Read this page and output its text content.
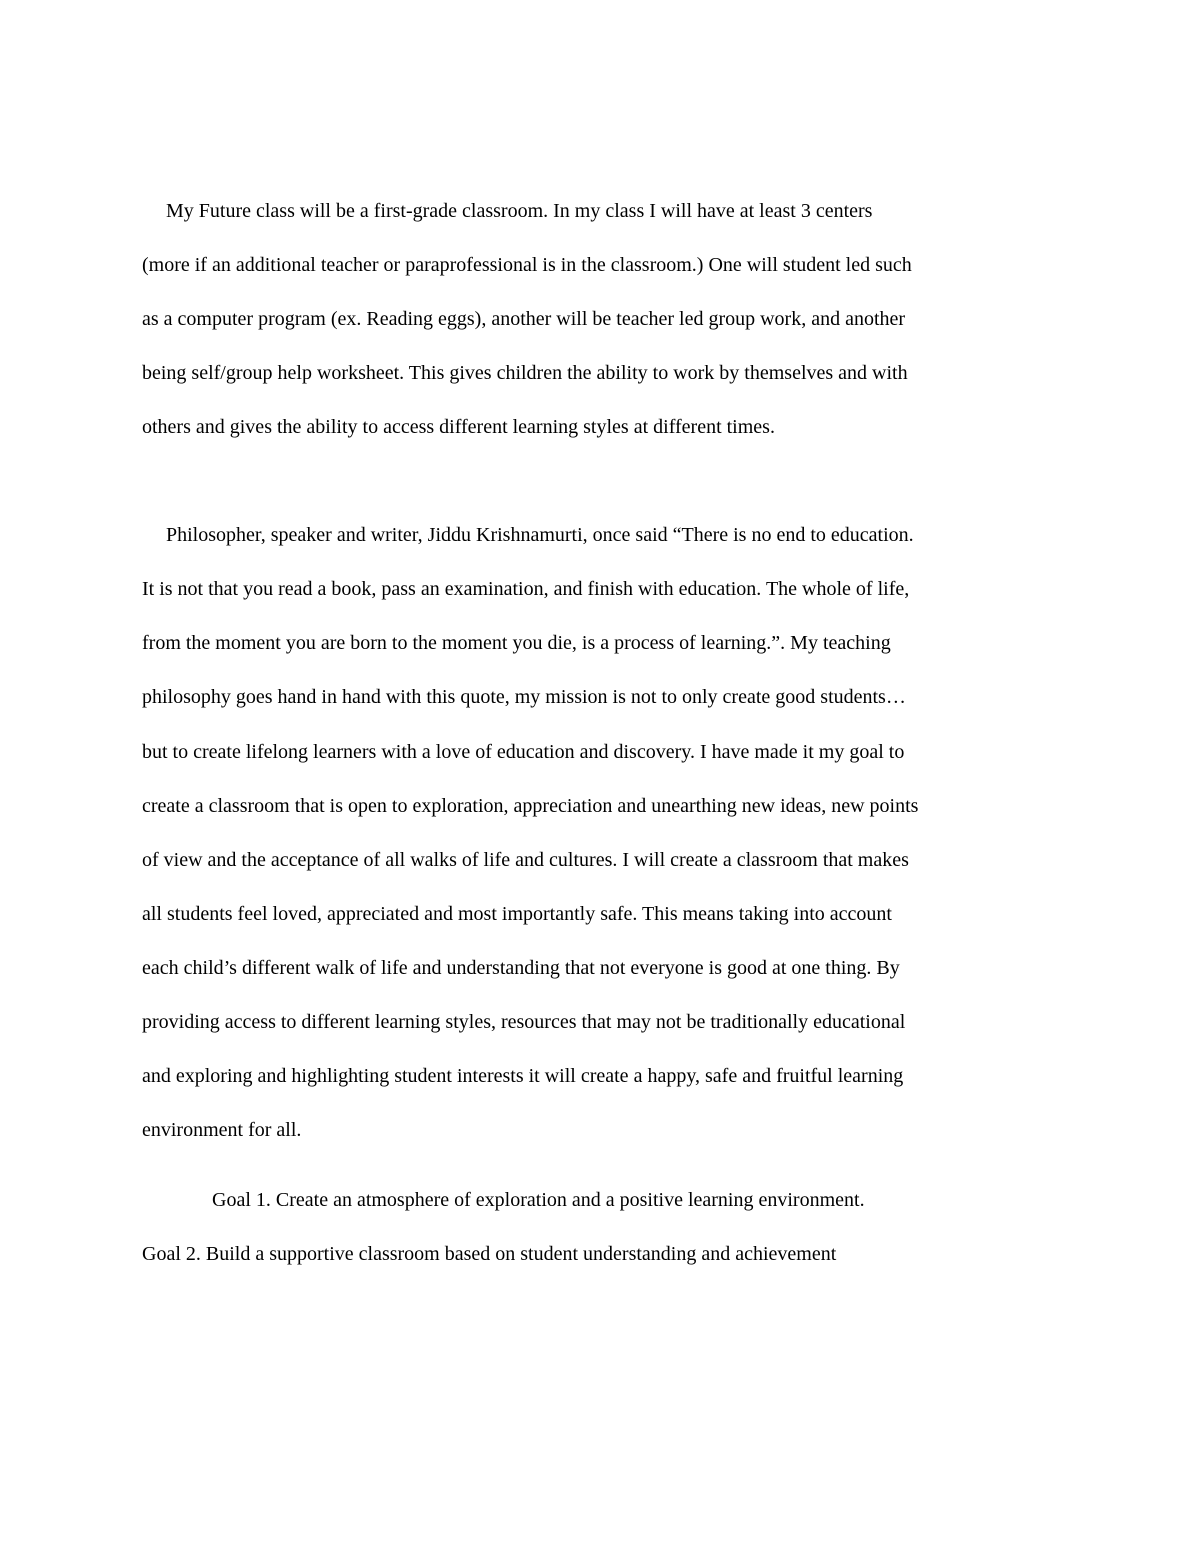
My Future class will be a first-grade classroom. In my class I will have at least 3 centers

(more if an additional teacher or paraprofessional is in the classroom.) One will student led such

as a computer program (ex. Reading eggs), another will be teacher led group work, and another

being self/group help worksheet. This gives children the ability to work by themselves and with

others and gives the ability to access different learning styles at different times.

Philosopher, speaker and writer, Jiddu Krishnamurti, once said “There is no end to education.

It is not that you read a book, pass an examination, and finish with education. The whole of life,

from the moment you are born to the moment you die, is a process of learning.”. My teaching

philosophy goes hand in hand with this quote, my mission is not to only create good students…

but to create lifelong learners with a love of education and discovery. I have made it my goal to

create a classroom that is open to exploration, appreciation and unearthing new ideas, new points

of view and the acceptance of all walks of life and cultures. I will create a classroom that makes

all students feel loved, appreciated and most importantly safe. This means taking into account

each child’s different walk of life and understanding that not everyone is good at one thing. By

providing access to different learning styles, resources that may not be traditionally educational

and exploring and highlighting student interests it will create a happy, safe and fruitful learning

environment for all.

Goal 1. Create an atmosphere of exploration and a positive learning environment.

Goal 2. Build a supportive classroom based on student understanding and achievement
